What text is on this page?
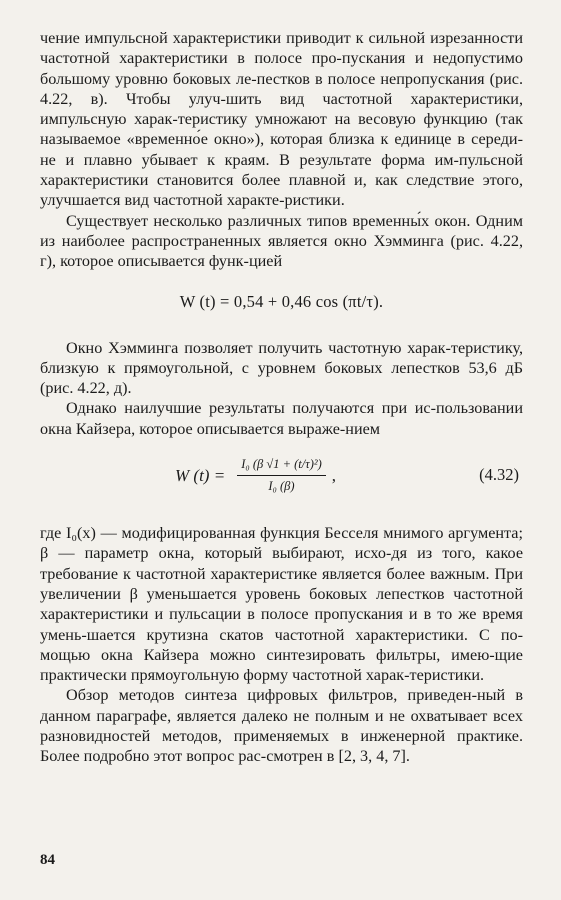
чение импульсной характеристики приводит к сильной изрезанности частотной характеристики в полосе про-пускания и недопустимо большому уровню боковых ле-пестков в полосе непропускания (рис. 4.22, в). Чтобы улуч-шить вид частотной характеристики, импульсную харак-теристику умножают на весовую функцию (так называемое «временно́е окно»), которая близка к единице в середи-не и плавно убывает к краям. В результате форма им-пульсной характеристики становится более плавной и, как следствие этого, улучшается вид частотной характе-ристики.

Существует несколько различных типов временны́х окон. Одним из наиболее распространенных является окно Хэмминга (рис. 4.22, г), которое описывается функ-цией

W (t) = 0,54 + 0,46 cos (πt/τ).

Окно Хэмминга позволяет получить частотную харак-теристику, близкую к прямоугольной, с уровнем боковых лепестков 53,6 дБ (рис. 4.22, д).

Однако наилучшие результаты получаются при ис-пользовании окна Кайзера, которое описывается выраже-нием

W $(t) = \frac{\text{I₀ (β √1 + (t/τ)²)}}{\text{I₀ (β)}}$ ,	(4.32)

где I₀(x) — модифицированная функция Бесселя мнимого аргумента; β — параметр окна, который выбирают, исхо-дя из того, какое требование к частотной характеристике является более важным. При увеличении β уменьшается уровень боковых лепестков частотной характеристики и пульсации в полосе пропускания и в то же время умень-шается крутизна скатов частотной характеристики. С по-мощью окна Кайзера можно синтезировать фильтры, имею-щие практически прямоугольную форму частотной харак-теристики.

Обзор методов синтеза цифровых фильтров, приведен-ный в данном параграфе, является далеко не полным и не охватывает всех разновидностей методов, применяемых в инженерной практике. Более подробно этот вопрос рас-смотрен в [2, 3, 4, 7].

84
